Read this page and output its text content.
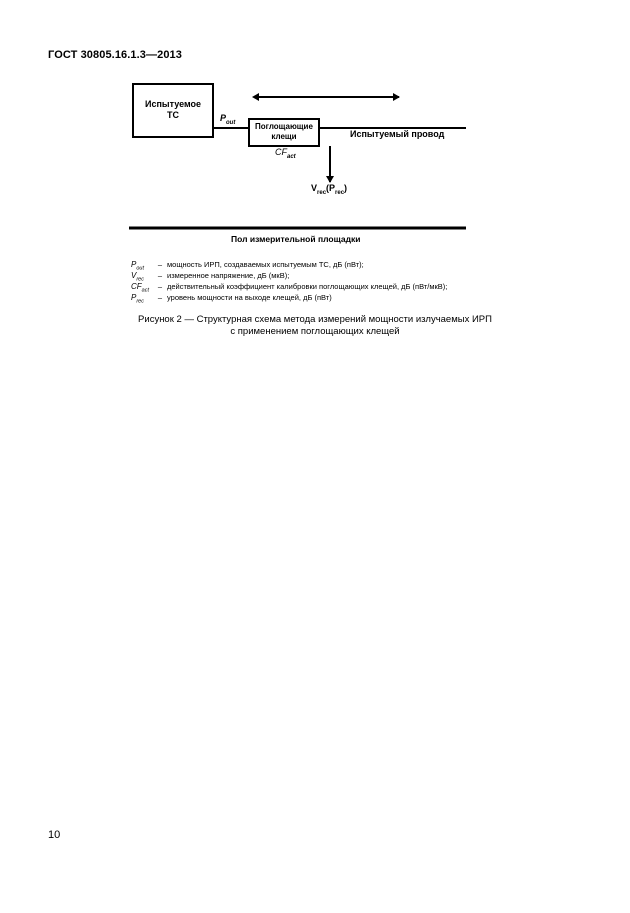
ГОСТ 30805.16.1.3—2013
Испытуемое
ТС	$P_{out}$	Поглощающие
клещи
$CF_{act}$
Испытуемый провод
$V_{rec}(P_{rec})$
Пол измерительной площадки
$P_{out}$	– мощность ИРП, создаваемых испытуемым ТС, дБ (пВт);
$V_{rec}$	– измеренное напряжение, дБ (мкВ);
$CF_{act}$	– действительный коэффициент калибровки поглощающих клещей, дБ (пВт/мкВ);
$P_{rec}$	– уровень мощности на выходе клещей, дБ (пВт)
Рисунок 2 — Структурная схема метода измерений мощности излучаемых ИРП
с применением поглощающих клещей
10
